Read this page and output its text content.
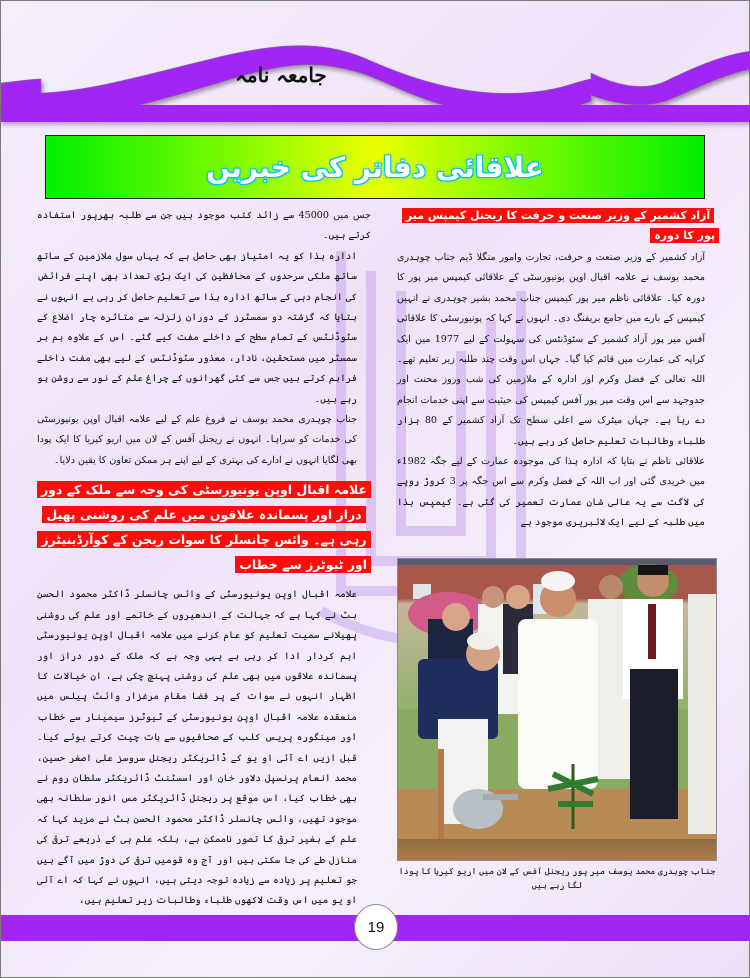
جامعہ نامہ
علاقائی دفاتر کی خبریں
آزاد کشمیر کے وزیر صنعت و حرفت کا ریجنل کیمپس میر پور کا دورہ

آزاد کشمیر کے وزیر صنعت و حرفت، تجارت وامور منگلا ڈیم جناب چوہدری محمد یوسف نے علامہ اقبال اوپن یونیورسٹی کے علاقائی کیمپس میر پور کا دورہ کیا۔ علاقائی ناظم میر پور کیمپس جناب محمد بشیر چوہدری نے انہیں کیمپس کے بارے میں جامع بریفنگ دی۔ انہوں نے کہا کہ یونیورسٹی کا علاقائی آفس میر پور آزاد کشمیر کے سٹوڈنٹس کی سہولت کے لیے 1977 میں ایک کرایہ کی عمارت میں قائم کیا گیا۔ جہاں اس وقت چند طلبہ زیر تعلیم تھے۔ اللہ تعالی کے فضل وکرم اور ادارہ کے ملازمین کی شب وروز محنت اور جدوجہد سے اس وقت میر پور آفس کیمپس کی حیثیت سے اپنی خدمات انجام دے رہا ہے۔ جہاں میٹرک سے اعلی سطح تک آزاد کشمیر کے 80 ہزار طلباء وطالبات تعلیم حاصل کر رہے ہیں۔

علاقائی ناظم نے بتایا کہ ادارہ ہذا کی موجودہ عمارت کے لیے جگہ 1982ء میں خریدی گئی اور اب اللہ کے فضل وکرم سے اس جگہ پر 3 کروڑ روپے کی لاگت سے یہ عالی شان عمارت تعمیر کی گئی ہے۔ کیمپس ہذا میں طلبہ کے لیے ایک لائبریری موجود ہے

جناب چوہدری محمد یوسف میر پور ریجنل آفس کے لان میں اریو کیریا کا پودا لگا رہے ہیں

جس میں 45000 سے زائد کتب موجود ہیں جن سے طلبہ بھرپور استفادہ کرتے ہیں۔

ادارہ ہذا کو یہ امتیاز بھی حاصل ہے کہ یہاں سول ملازمین کے ساتھ ساتھ ملکی سرحدوں کے محافظین کی ایک بڑی تعداد بھی اپنے فرائض کی انجام دہی کے ساتھ ادارہ ہذا سے تعلیم حاصل کر رہی ہے انہوں نے بتایا کہ گزشتہ دو سمسٹرز کے دوران زلزلہ سے متاثرہ چار اضلاع کے سٹوڈنٹس کے تمام سطح کے داخلے مفت کیے گئے۔ اس کے علاوہ ہم ہر سمسٹر میں مستحقین، نادار، معذور سٹوڈنٹس کے لیے بھی مفت داخلے فراہم کرتے ہیں جس سے کئی گھرانوں کے چراغ علم کے نور سے روشن ہو رہے ہیں۔

جناب چوہدری محمد یوسف نے فروغ علم کے لیے علامہ اقبال اوپن یونیورسٹی کی خدمات کو سراہا۔ انہوں نے ریجنل آفس کے لان میں اریو کیریا کا ایک پودا بھی لگایا انہوں نے ادارے کی بہتری کے لیے اپنے ہر ممکن تعاون کا یقین دلایا۔

علامہ اقبال اوپن یونیورسٹی کی وجہ سے ملک کے دور دراز اور پسماندہ علاقوں میں علم کی روشنی پھیل رہی ہے۔ وائس چانسلر کا سوات ریجن کے کوآرڈینیٹرز اور ٹیوٹرز سے خطاب

علامہ اقبال اوپن یونیورسٹی کے وائس چانسلر ڈاکٹر محمود الحسن بٹ نے کہا ہے کہ جہالت کے اندھیروں کے خاتمے اور علم کی روشنی پھیلانے سمیت تعلیم کو عام کرنے میں علامہ اقبال اوپن یونیورسٹی اہم کردار ادا کر رہی ہے یہی وجہ ہے کہ ملک کے دور دراز اور پسماندہ علاقوں میں بھی علم کی روشنی پہنچ چکی ہے، ان خیالات کا اظہار انہوں نے سوات کے پر فضا مقام مرغزار وائٹ پیلس میں منعقدہ علامہ اقبال اوپن یونیورسٹی کے ٹیوٹرز سیمینار سے خطاب اور مینگورہ پریس کلب کے صحافیوں سے بات چیت کرتے ہوئے کیا۔ قبل ازیں اے آئی او یو کے ڈائریکٹر ریجنل سروسز علی اصغر حسین، محمد انعام پرنسپل دلاور خان اور اسسٹنٹ ڈائریکٹر سلطان روم نے بھی خطاب کیا، اس موقع پر ریجنل ڈائریکٹر مس انور سلطانہ بھی موجود تھیں، وائس چانسلر ڈاکٹر محمود الحسن بٹ نے مزید کہا کہ علم کے بغیر ترقی کا تصور ناممکن ہے، بلکہ علم ہی کے ذریعے ترقی کی منازل طے کی جا سکتی ہیں اور آج وہ قومیں ترقی کی دوڑ میں آگے ہیں جو تعلیم پر زیادہ سے زیادہ توجہ دیتی ہیں، انہوں نے کہا کہ اے آئی او یو میں اس وقت لاکھوں طلباء وطالبات زیر تعلیم ہیں،

19
